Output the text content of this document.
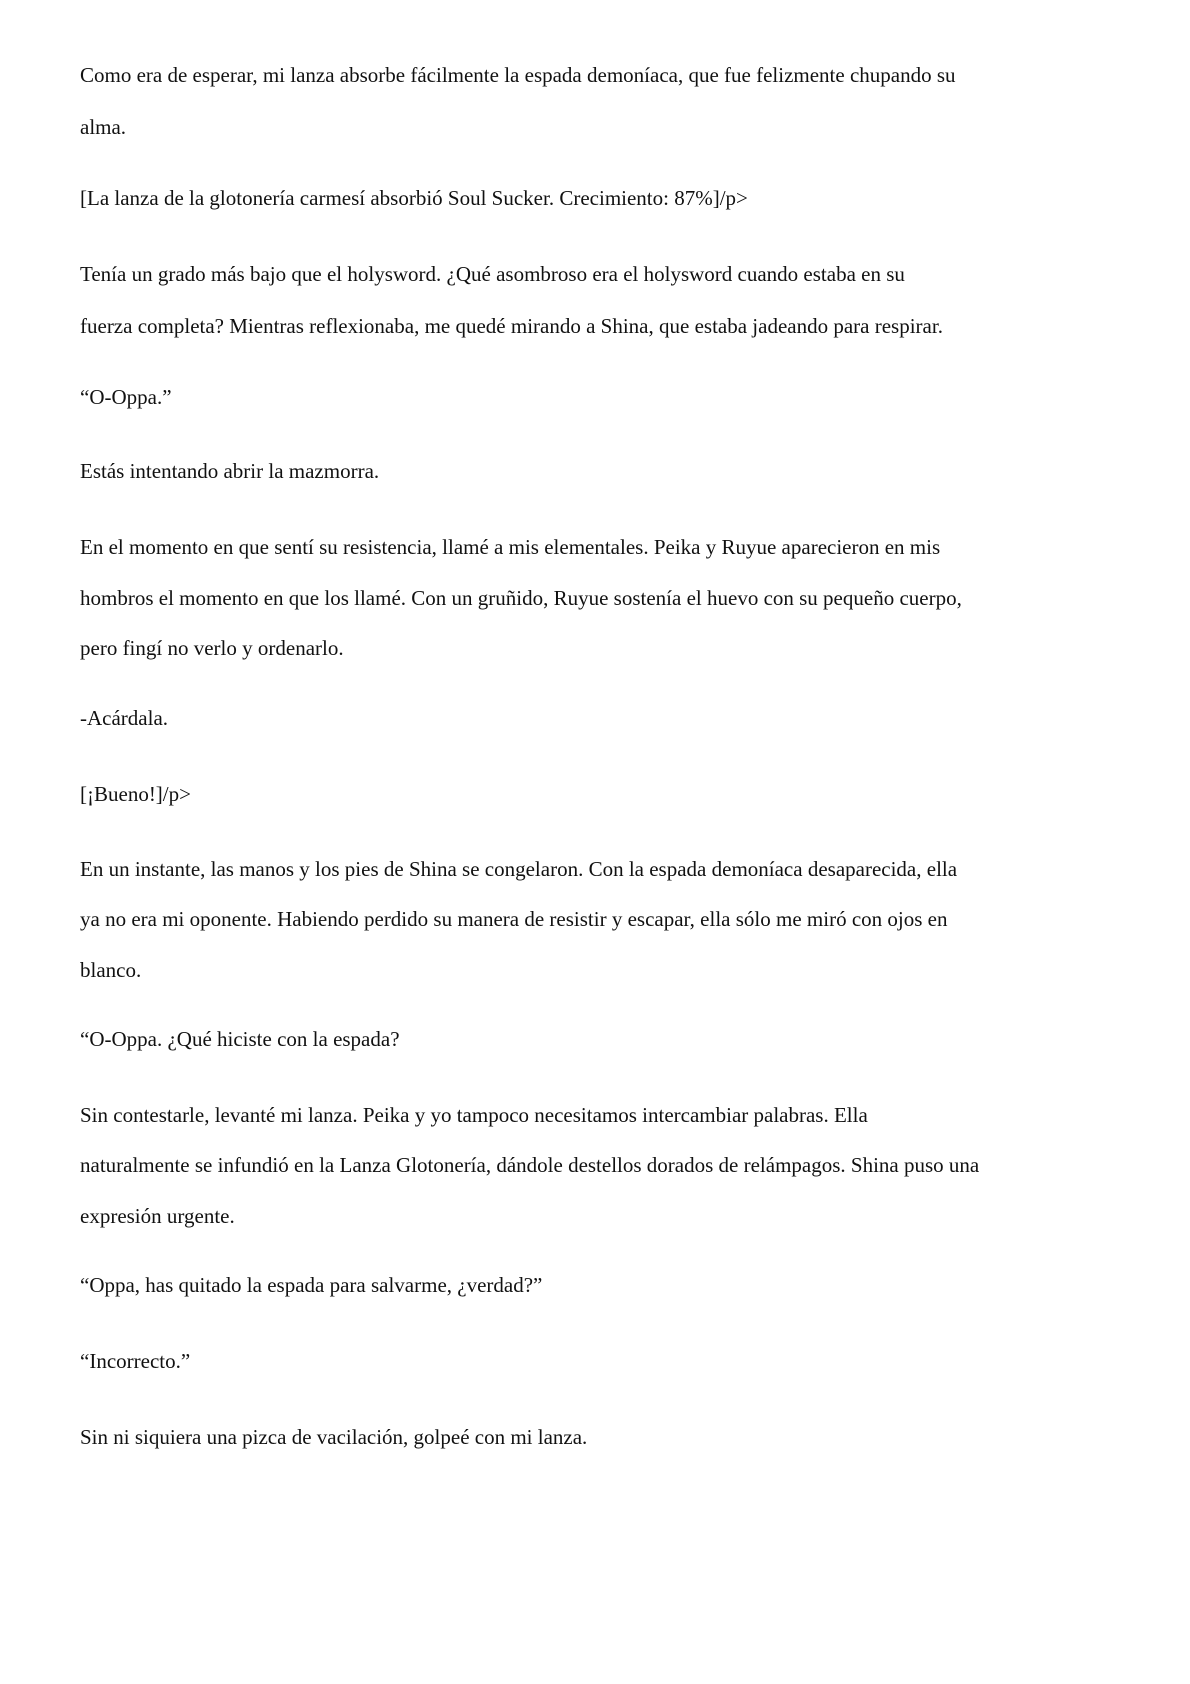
Como era de esperar, mi lanza absorbe fácilmente la espada demoníaca, que fue felizmente chupando su

alma.

[La lanza de la glotonería carmesí absorbió Soul Sucker. Crecimiento: 87%]/p>

Tenía un grado más bajo que el holysword. ¿Qué asombroso era el holysword cuando estaba en su

fuerza completa? Mientras reflexionaba, me quedé mirando a Shina, que estaba jadeando para respirar.

“O-Oppa.”

Estás intentando abrir la mazmorra.

En el momento en que sentí su resistencia, llamé a mis elementales. Peika y Ruyue aparecieron en mis

hombros el momento en que los llamé. Con un gruñido, Ruyue sostenía el huevo con su pequeño cuerpo,

pero fingí no verlo y ordenarlo.

-Acárdala.

[¡Bueno!]/p>

En un instante, las manos y los pies de Shina se congelaron. Con la espada demoníaca desaparecida, ella

ya no era mi oponente. Habiendo perdido su manera de resistir y escapar, ella sólo me miró con ojos en

blanco.

“O-Oppa. ¿Qué hiciste con la espada?

Sin contestarle, levanté mi lanza. Peika y yo tampoco necesitamos intercambiar palabras. Ella

naturalmente se infundió en la Lanza Glotonería, dándole destellos dorados de relámpagos. Shina puso una

expresión urgente.

“Oppa, has quitado la espada para salvarme, ¿verdad?”

“Incorrecto.”

Sin ni siquiera una pizca de vacilación, golpeé con mi lanza.
